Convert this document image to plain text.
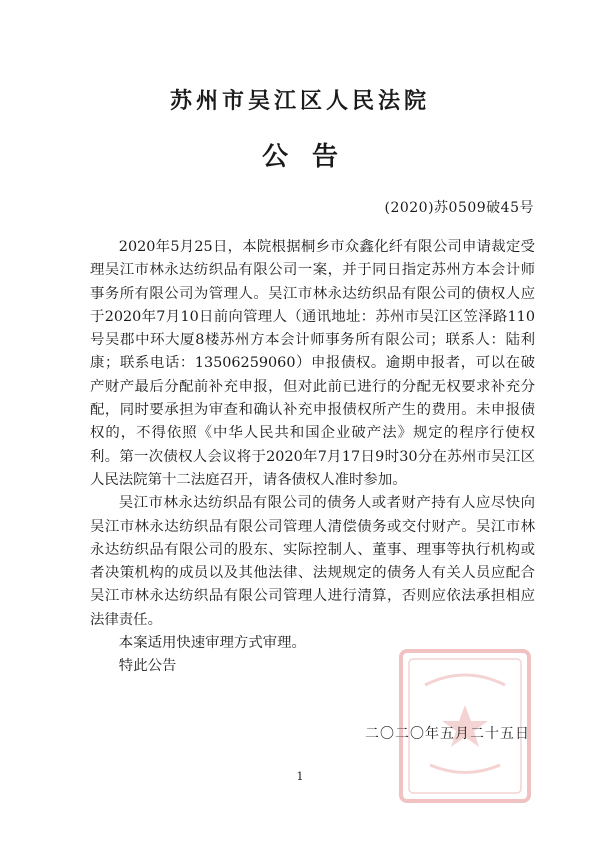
苏州市吴江区人民法院
公告
(2020)苏0509破45号

2020年5月25日，本院根据桐乡市众鑫化纤有限公司申请裁定受理吴江市林永达纺织品有限公司一案，并于同日指定苏州方本会计师事务所有限公司为管理人。吴江市林永达纺织品有限公司的债权人应于2020年7月10日前向管理人（通讯地址：苏州市吴江区笠泽路110号吴郡中环大厦8楼苏州方本会计师事务所有限公司；联系人：陆利康；联系电话：13506259060）申报债权。逾期申报者，可以在破产财产最后分配前补充申报，但对此前已进行的分配无权要求补充分配，同时要承担为审查和确认补充申报债权所产生的费用。未申报债权的，不得依照《中华人民共和国企业破产法》规定的程序行使权利。第一次债权人会议将于2020年7月17日9时30分在苏州市吴江区人民法院第十二法庭召开，请各债权人准时参加。

吴江市林永达纺织品有限公司的债务人或者财产持有人应尽快向吴江市林永达纺织品有限公司管理人清偿债务或交付财产。吴江市林永达纺织品有限公司的股东、实际控制人、董事、理事等执行机构或者决策机构的成员以及其他法律、法规规定的债务人有关人员应配合吴江市林永达纺织品有限公司管理人进行清算，否则应依法承担相应法律责任。

本案适用快速审理方式审理。

特此公告

二〇二〇年五月二十五日
1
